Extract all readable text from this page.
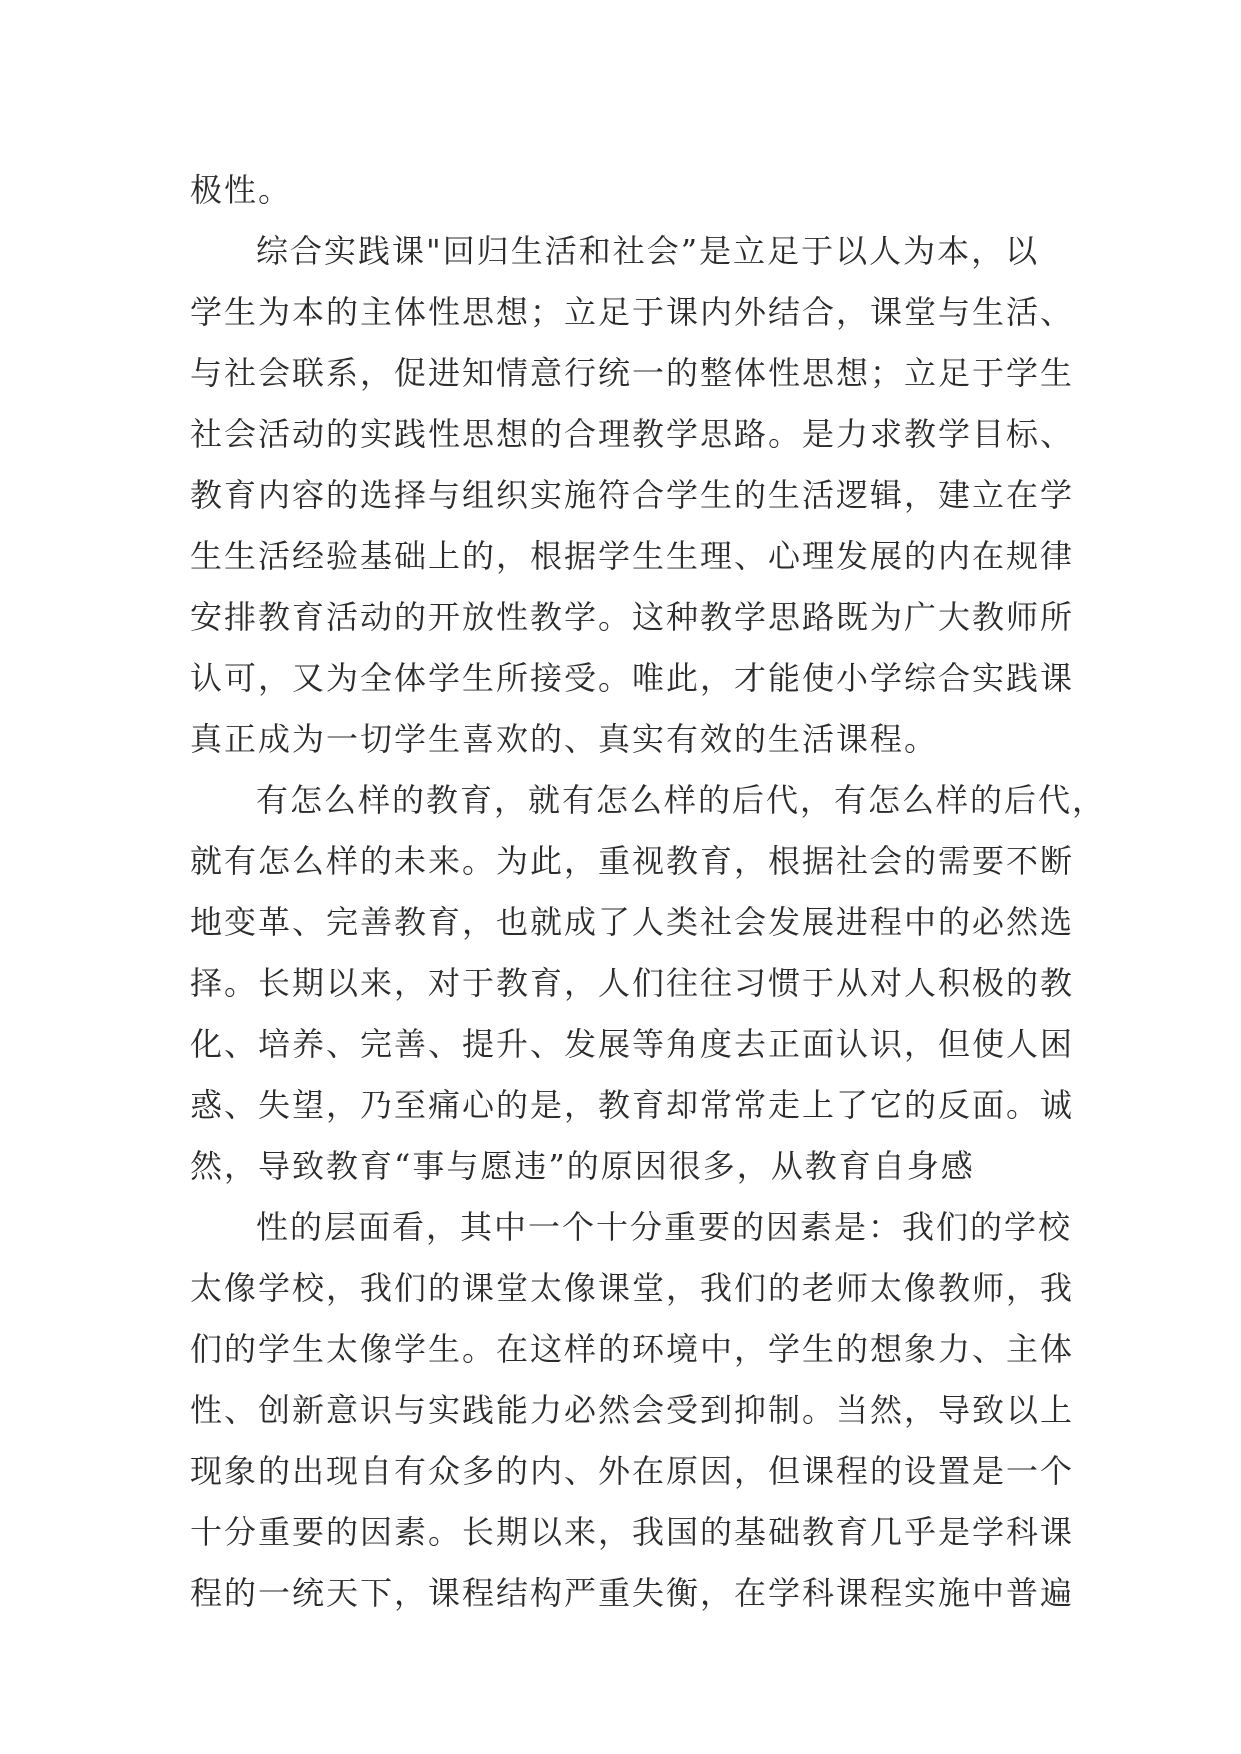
极性。
综合实践课"回归生活和社会”是立足于以人为本，以
学生为本的主体性思想；立足于课内外结合，课堂与生活、
与社会联系，促进知情意行统一的整体性思想；立足于学生
社会活动的实践性思想的合理教学思路。是力求教学目标、
教育内容的选择与组织实施符合学生的生活逻辑，建立在学
生生活经验基础上的，根据学生生理、心理发展的内在规律
安排教育活动的开放性教学。这种教学思路既为广大教师所
认可，又为全体学生所接受。唯此，才能使小学综合实践课
真正成为一切学生喜欢的、真实有效的生活课程。
有怎么样的教育，就有怎么样的后代，有怎么样的后代，
就有怎么样的未来。为此，重视教育，根据社会的需要不断
地变革、完善教育，也就成了人类社会发展进程中的必然选
择。长期以来，对于教育，人们往往习惯于从对人积极的教
化、培养、完善、提升、发展等角度去正面认识，但使人困
惑、失望，乃至痛心的是，教育却常常走上了它的反面。诚
然，导致教育“事与愿违”的原因很多，从教育自身感
性的层面看，其中一个十分重要的因素是：我们的学校
太像学校，我们的课堂太像课堂，我们的老师太像教师，我
们的学生太像学生。在这样的环境中，学生的想象力、主体
性、创新意识与实践能力必然会受到抑制。当然，导致以上
现象的出现自有众多的内、外在原因，但课程的设置是一个
十分重要的因素。长期以来，我国的基础教育几乎是学科课
程的一统天下，课程结构严重失衡，在学科课程实施中普遍
